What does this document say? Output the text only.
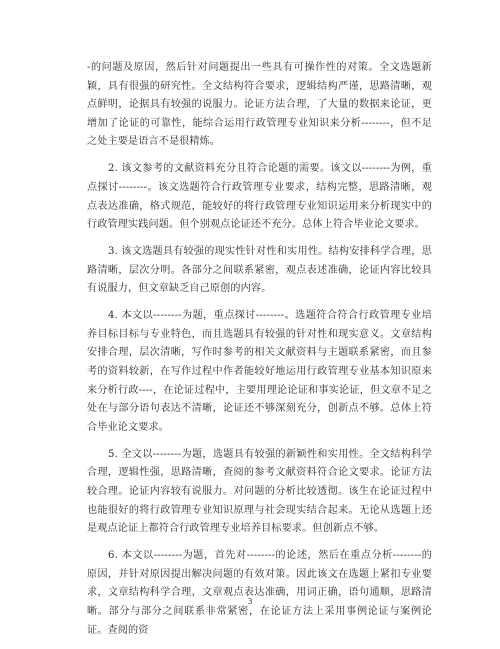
-的问题及原因，然后针对问题提出一些具有可操作性的对策。全文选题新颖，具有很强的研究性。全文结构符合要求，逻辑结构严谨，思路清晰，观点鲜明，论据具有较强的说服力。论证方法合理，了大量的数据来论证，更增加了论证的可靠性，能综合运用行政管理专业知识来分析--------，但不足之处主要是语言不是很精炼。

2. 该文参考的文献资料充分且符合论题的需要。该文以--------为例，重点探讨--------。该文选题符合行政管理专业要求，结构完整，思路清晰，观点表达准确，格式规范，能较好的将行政管理专业知识运用来分析现实中的行政管理实践问题。但个别观点论证还不充分。总体上符合毕业论文要求。

3. 该文选题具有较强的现实性针对性和实用性。结构安排科学合理，思路清晰，层次分明。各部分之间联系紧密，观点表述准确，论证内容比较具有说服力，但文章缺乏自己原创的内容。

4. 本文以--------为题，重点探讨--------。选题符合符合行政管理专业培养目标目标与专业特色，而且选题具有较强的针对性和现实意义。文章结构安排合理，层次清晰，写作时参考的相关文献资料与主题联系紧密，而且参考的资料较新，在写作过程中作者能较好地运用行政管理专业基本知识原来来分析行政----，在论证过程中，主要用理论论证和事实论证，但文章不足之处在与部分语句表达不清晰，论证还不够深刻充分，创新点不够。总体上符合毕业论文要求。

5. 全文以--------为题，选题具有较强的新颖性和实用性。全文结构科学合理，逻辑性强，思路清晰，查阅的参考文献资料符合论文要求。论证方法较合理。论证内容较有说服力。对问题的分析比较透彻。该生在论证过程中也能很好的将行政管理专业知识原理与社会现实结合起来。无论从选题上还是观点论证上都符合行政管理专业培养目标要求。但创新点不够。

6. 本文以--------为题，首先对--------的论述，然后在重点分析--------的原因，并针对原因提出解决问题的有效对策。因此该文在选题上紧扣专业要求，文章结构科学合理，文章观点表达准确，用词正确，语句通顺，思路清晰。部分与部分之间联系非常紧密，在论证方法上采用事例论证与案例论证。查阅的资

3
